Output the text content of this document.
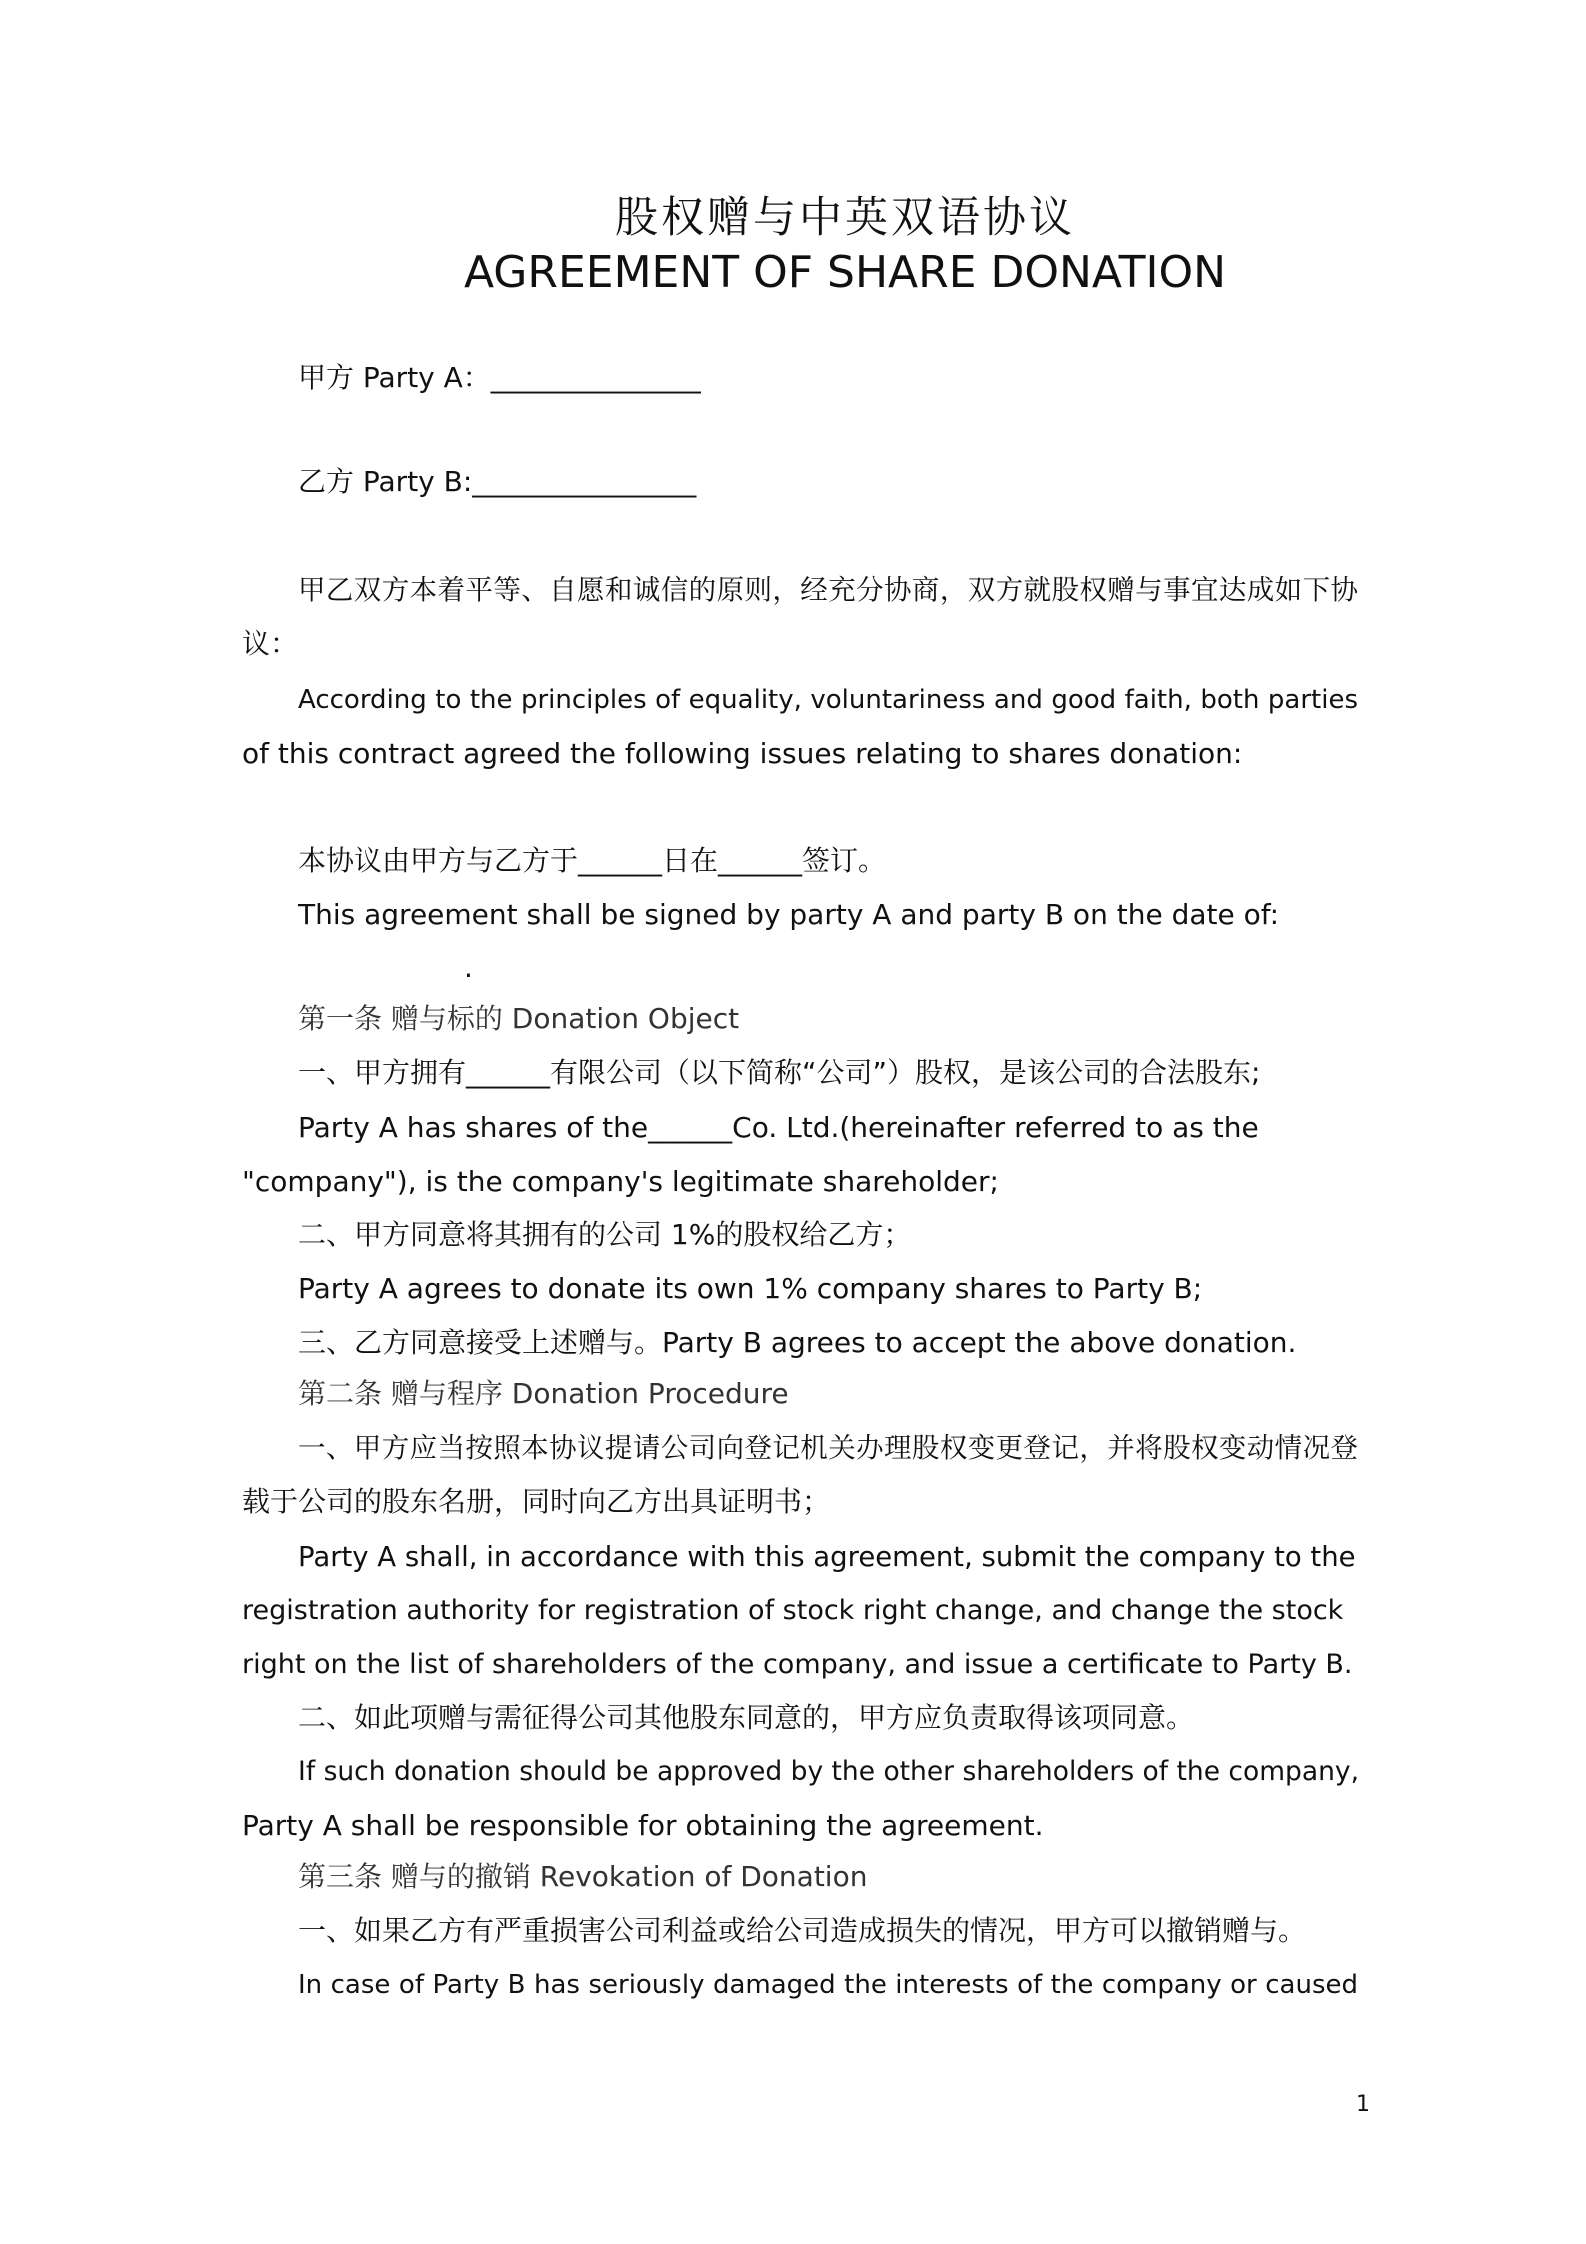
股权赠与中英双语协议
AGREEMENT OF SHARE DONATION
甲方 Party A：_______________
乙方 Party B:________________
甲乙双方本着平等、自愿和诚信的原则，经充分协商，双方就股权赠与事宜达成如下协
议：
According to the principles of equality, voluntariness and good faith, both parties
of this contract agreed the following issues relating to shares donation:
本协议由甲方与乙方于______日在______签订。
This agreement shall be signed by party A and party B on the date of:
.
第一条 赠与标的 Donation Object
一、甲方拥有______有限公司（以下简称“公司”）股权，是该公司的合法股东;
Party A has shares of the______Co. Ltd.(hereinafter referred to as the
"company"), is the company's legitimate shareholder;
二、甲方同意将其拥有的公司 1%的股权给乙方；
Party A agrees to donate its own 1% company shares to Party B;
三、乙方同意接受上述赠与。Party B agrees to accept the above donation.
第二条 赠与程序 Donation Procedure
一、甲方应当按照本协议提请公司向登记机关办理股权变更登记，并将股权变动情况登
载于公司的股东名册，同时向乙方出具证明书；
Party A shall, in accordance with this agreement, submit the company to the
registration authority for registration of stock right change, and change the stock
right on the list of shareholders of the company, and issue a certificate to Party B.
二、如此项赠与需征得公司其他股东同意的，甲方应负责取得该项同意。
If such donation should be approved by the other shareholders of the company,
Party A shall be responsible for obtaining the agreement.
第三条 赠与的撤销 Revokation of Donation
一、如果乙方有严重损害公司利益或给公司造成损失的情况，甲方可以撤销赠与。
In case of Party B has seriously damaged the interests of the company or caused
1
